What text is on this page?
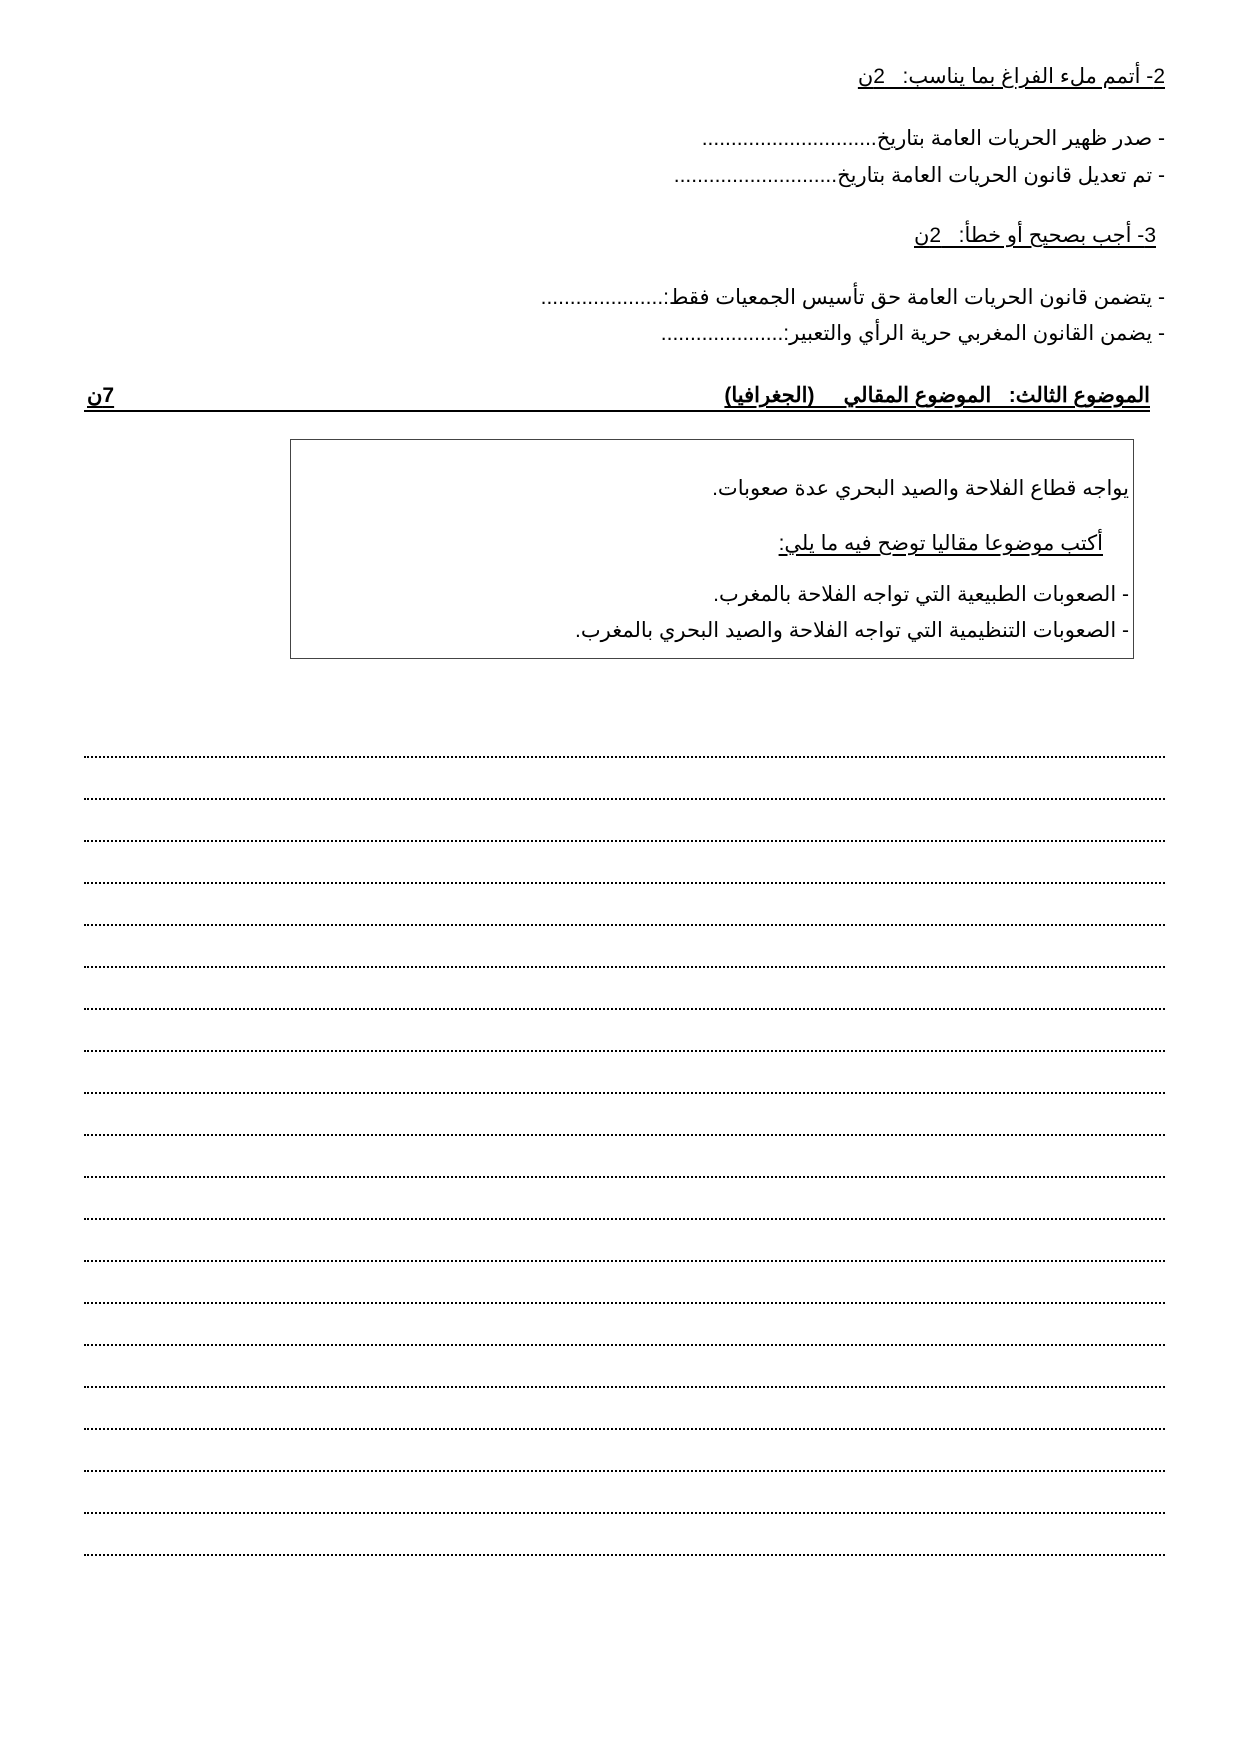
2- أتمم ملء الفراغ بما يناسب:   2ن
- صدر ظهير الحريات العامة بتاريخ..............................
- تم تعديل قانون الحريات العامة بتاريخ............................
3- أجب بصحيح أو خطأ:   2ن
- يتضمن قانون الحريات العامة حق تأسيس الجمعيات فقط:.....................
- يضمن القانون المغربي حرية الرأي والتعبير:.....................
الموضوع الثالث:   الموضوع المقالي     (الجغرافيا)
7ن
يواجه قطاع الفلاحة والصيد البحري عدة صعوبات.
أكتب موضوعا مقاليا توضح فيه ما يلي:
- الصعوبات الطبيعية التي تواجه الفلاحة بالمغرب.
- الصعوبات التنظيمية التي تواجه الفلاحة والصيد البحري بالمغرب.
